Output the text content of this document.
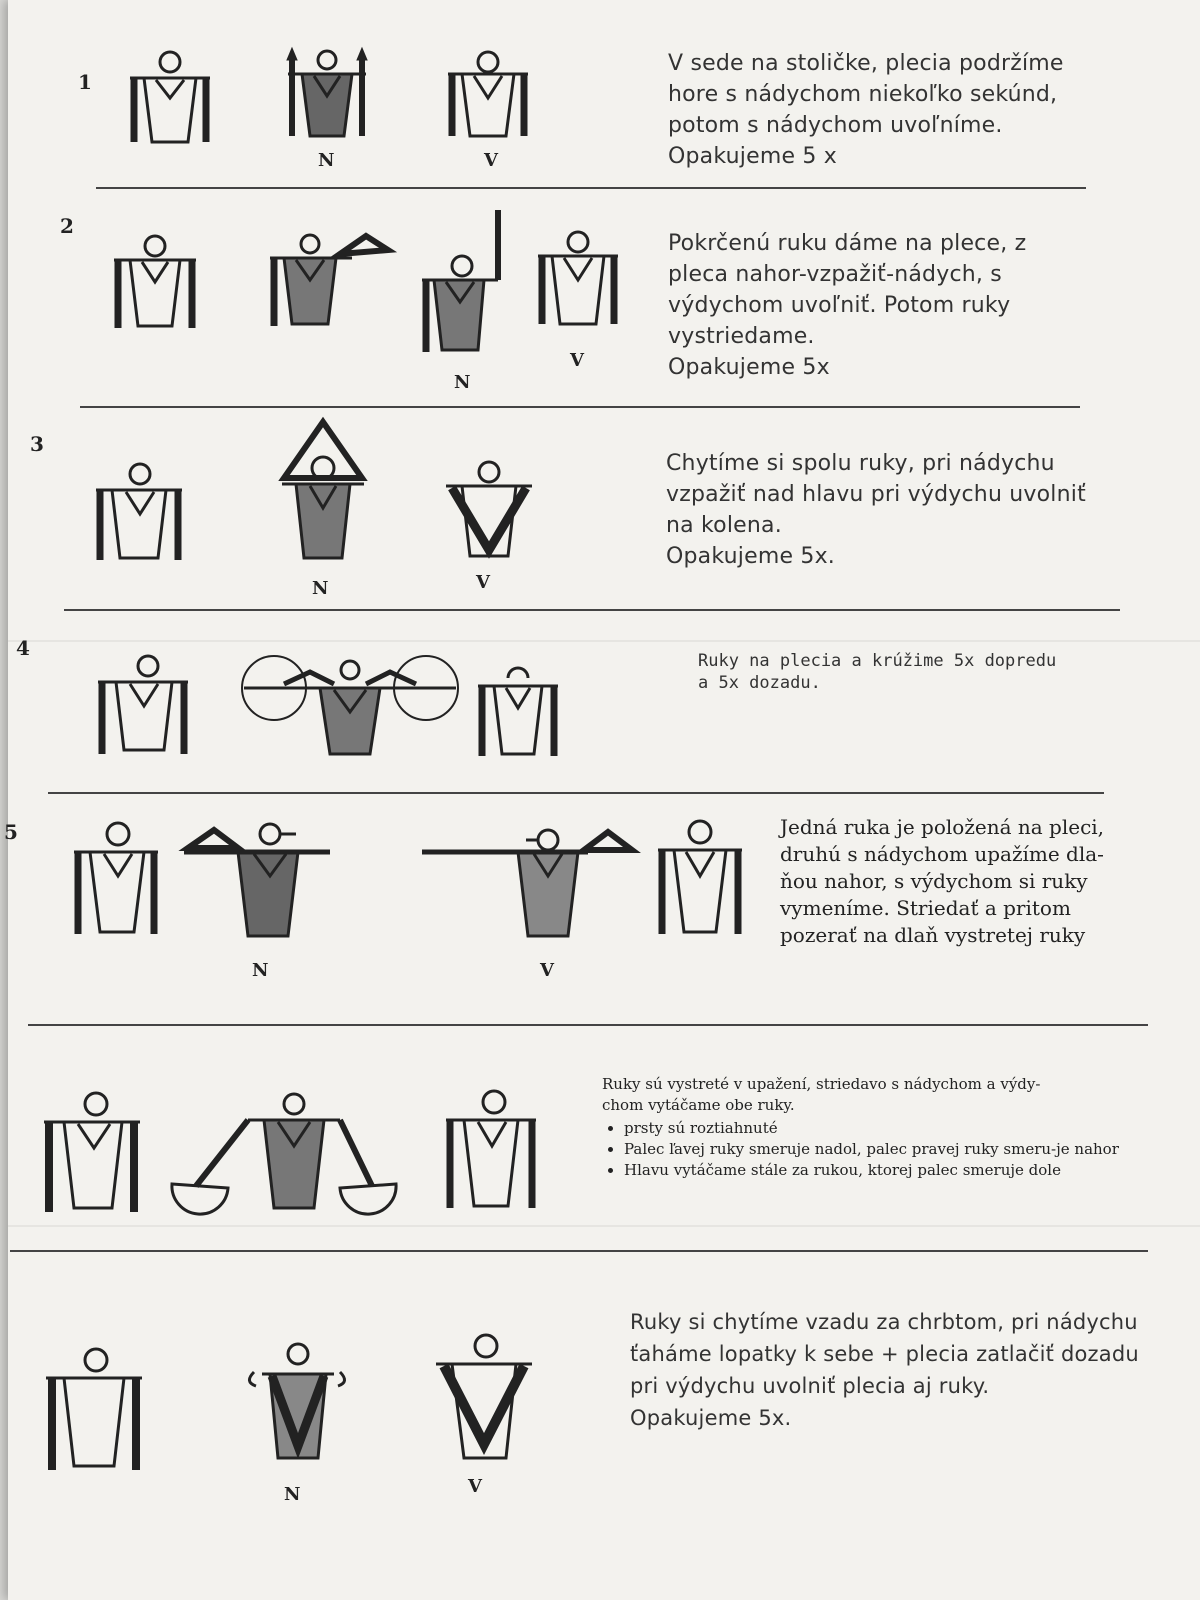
1
N	V
V sede na stoličke, plecia podržíme
hore s nádychom niekoľko sekúnd,
potom s nádychom uvoľníme.
Opakujeme 5 x
2
N
V
Pokrčenú ruku dáme na plece, z
pleca nahor-vzpažiť-nádych, s
výdychom uvoľniť. Potom ruky
vystriedame.
Opakujeme 5x
3
N	V
Chytíme si spolu ruky, pri nádychu
vzpažiť nad hlavu pri výdychu uvolniť
na kolena.
Opakujeme 5x.
4
Ruky na plecia a krúžime 5x dopredu
a 5x dozadu.
5
N	V
Jedná ruka je položená na pleci,
druhú s nádychom upažíme dla-
ňou nahor, s výdychom si ruky
vymeníme. Striedať a pritom
pozerať na dlaň vystretej ruky
Ruky sú vystreté v upažení, striedavo s nádychom a výdy-
chom vytáčame obe ruky.
• prsty sú roztiahnuté
• Palec ľavej ruky smeruje nadol, palec pravej ruky smeru-je nahor
• Hlavu vytáčame stále za rukou, ktorej palec smeruje dole
N	V
Ruky si chytíme vzadu za chrbtom, pri nádychu
ťaháme lopatky k sebe + plecia zatlačiť dozadu
pri výdychu uvolniť plecia aj ruky.
Opakujeme 5x.
